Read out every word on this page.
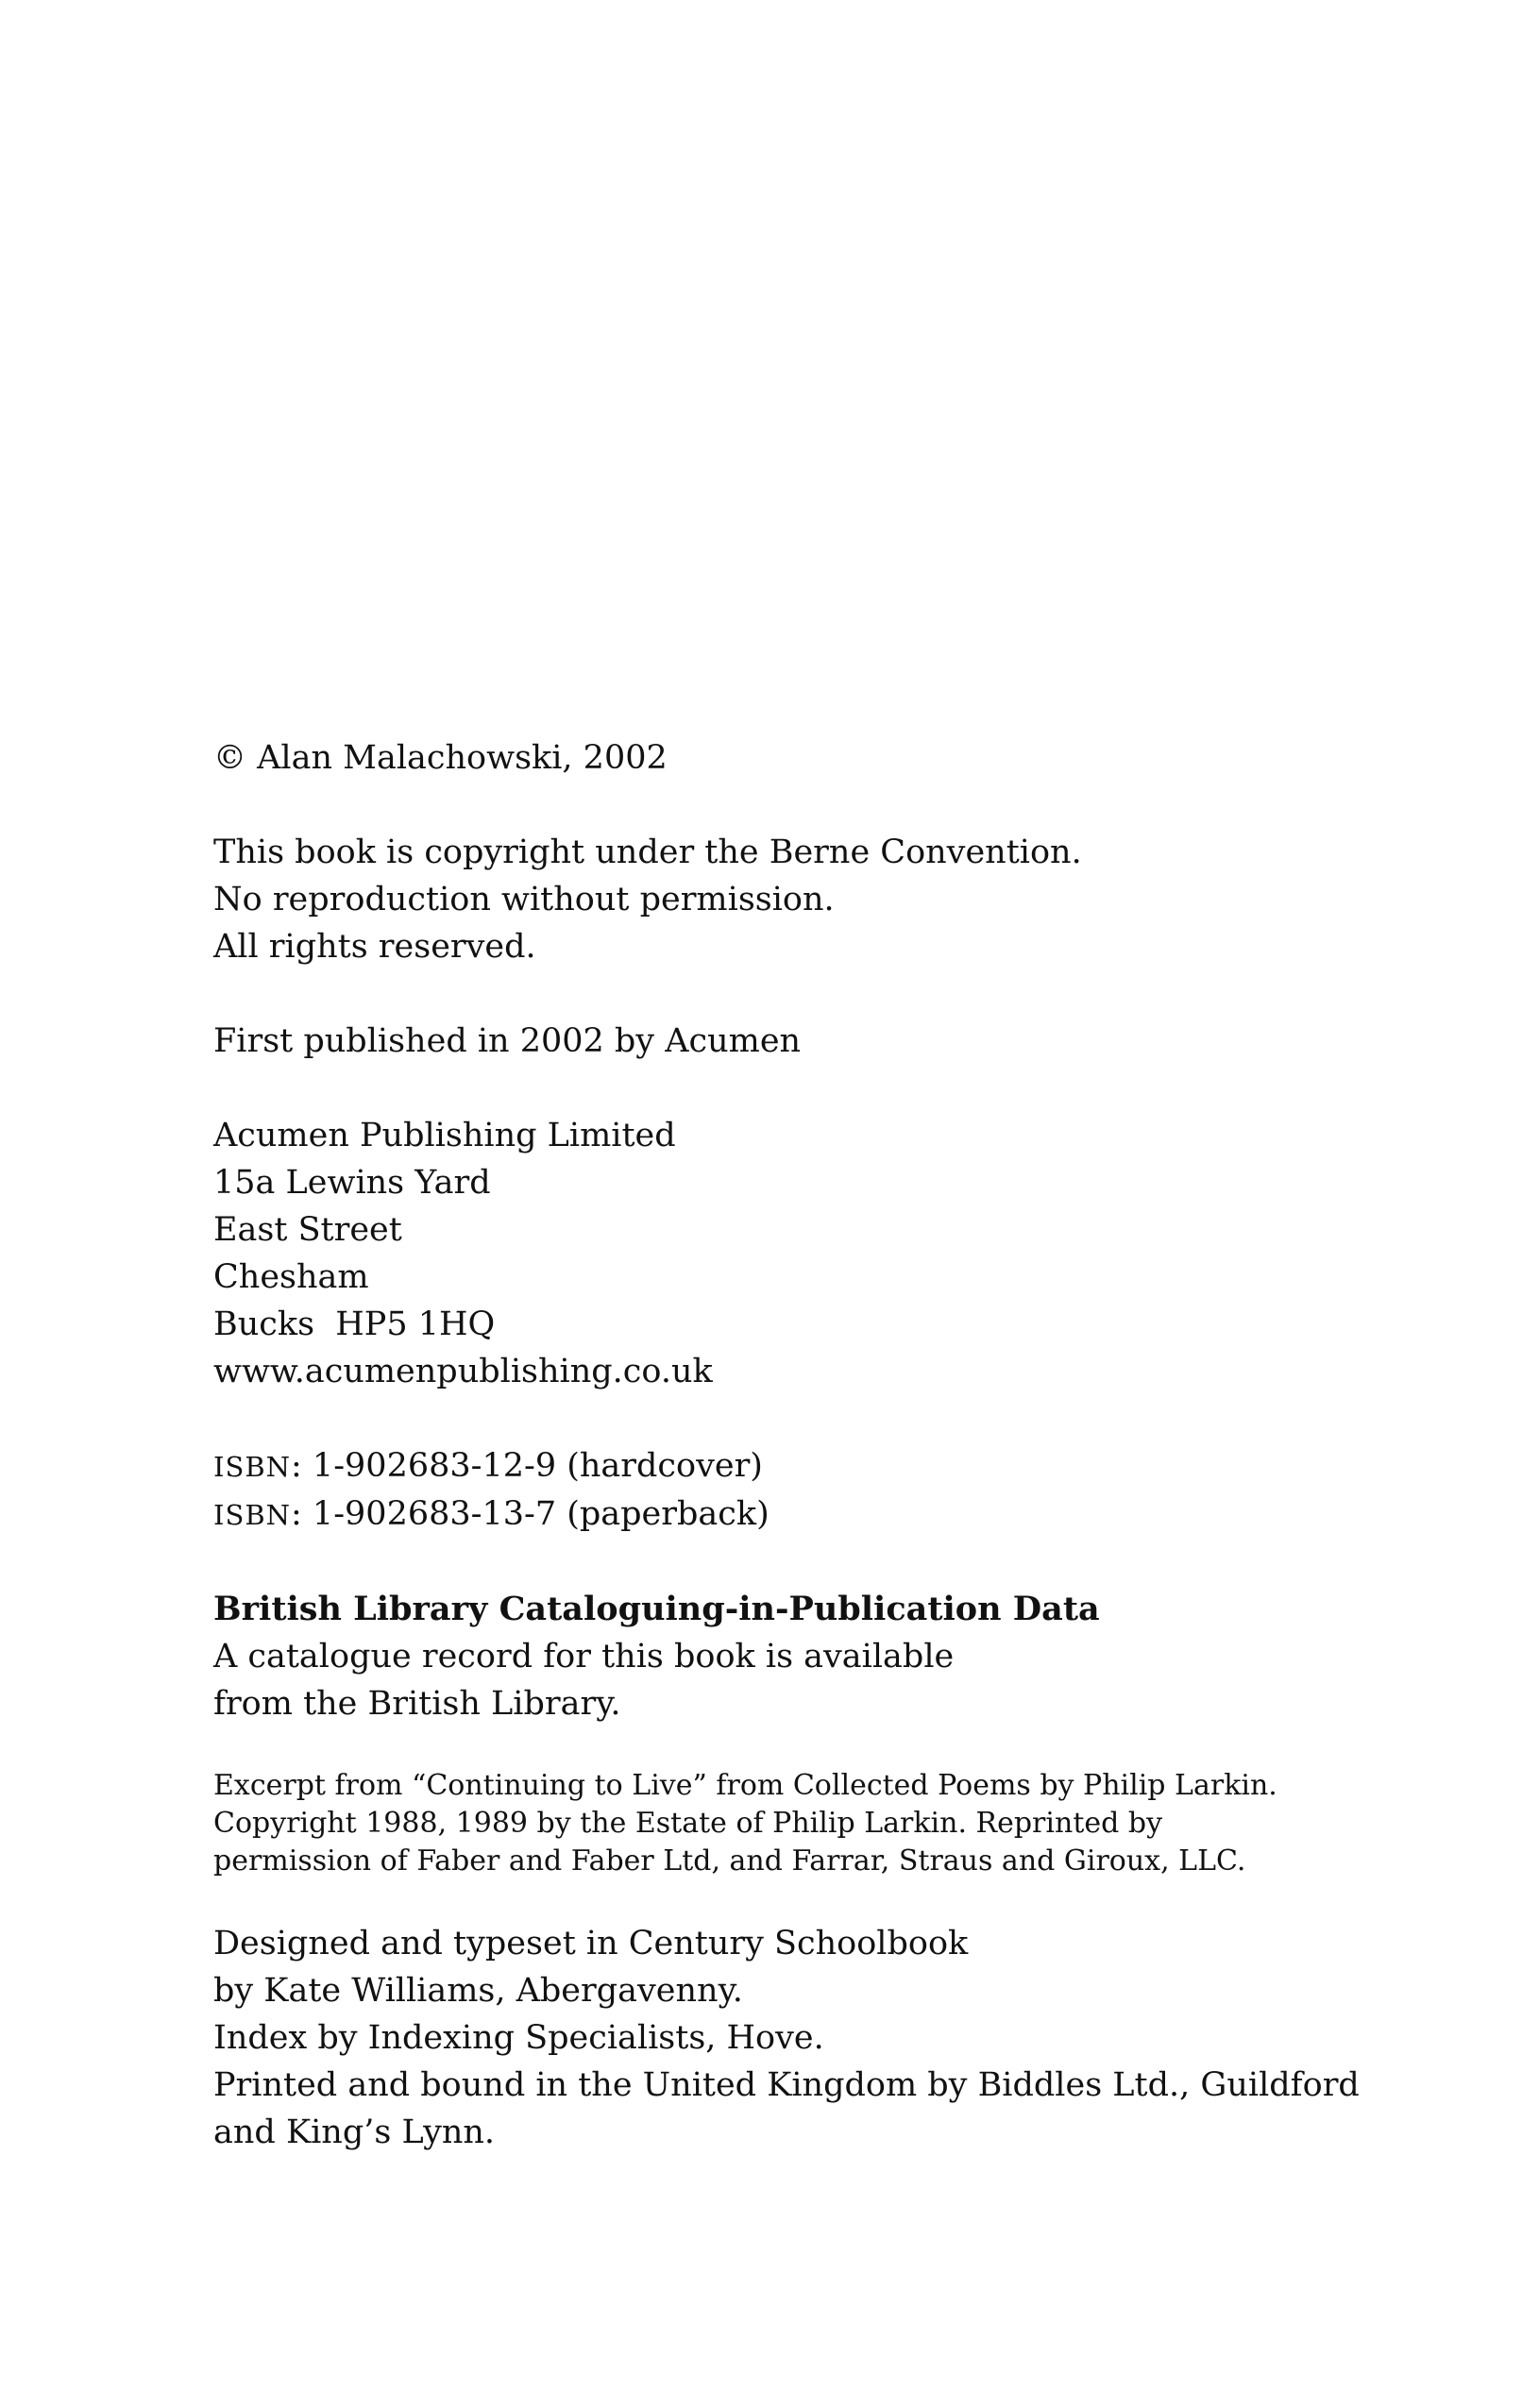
© Alan Malachowski, 2002

This book is copyright under the Berne Convention.

No reproduction without permission.

All rights reserved.

First published in 2002 by Acumen

Acumen Publishing Limited

15a Lewins Yard

East Street

Chesham

Bucks  HP5 1HQ

www.acumenpublishing.co.uk

ISBN: 1-902683-12-9 (hardcover)

ISBN: 1-902683-13-7 (paperback)

British Library Cataloguing-in-Publication Data

A catalogue record for this book is available

from the British Library.

Excerpt from “Continuing to Live” from Collected Poems by Philip Larkin.

Copyright 1988, 1989 by the Estate of Philip Larkin. Reprinted by

permission of Faber and Faber Ltd, and Farrar, Straus and Giroux, LLC.

Designed and typeset in Century Schoolbook

by Kate Williams, Abergavenny.

Index by Indexing Specialists, Hove.

Printed and bound in the United Kingdom by Biddles Ltd., Guildford

and King’s Lynn.
